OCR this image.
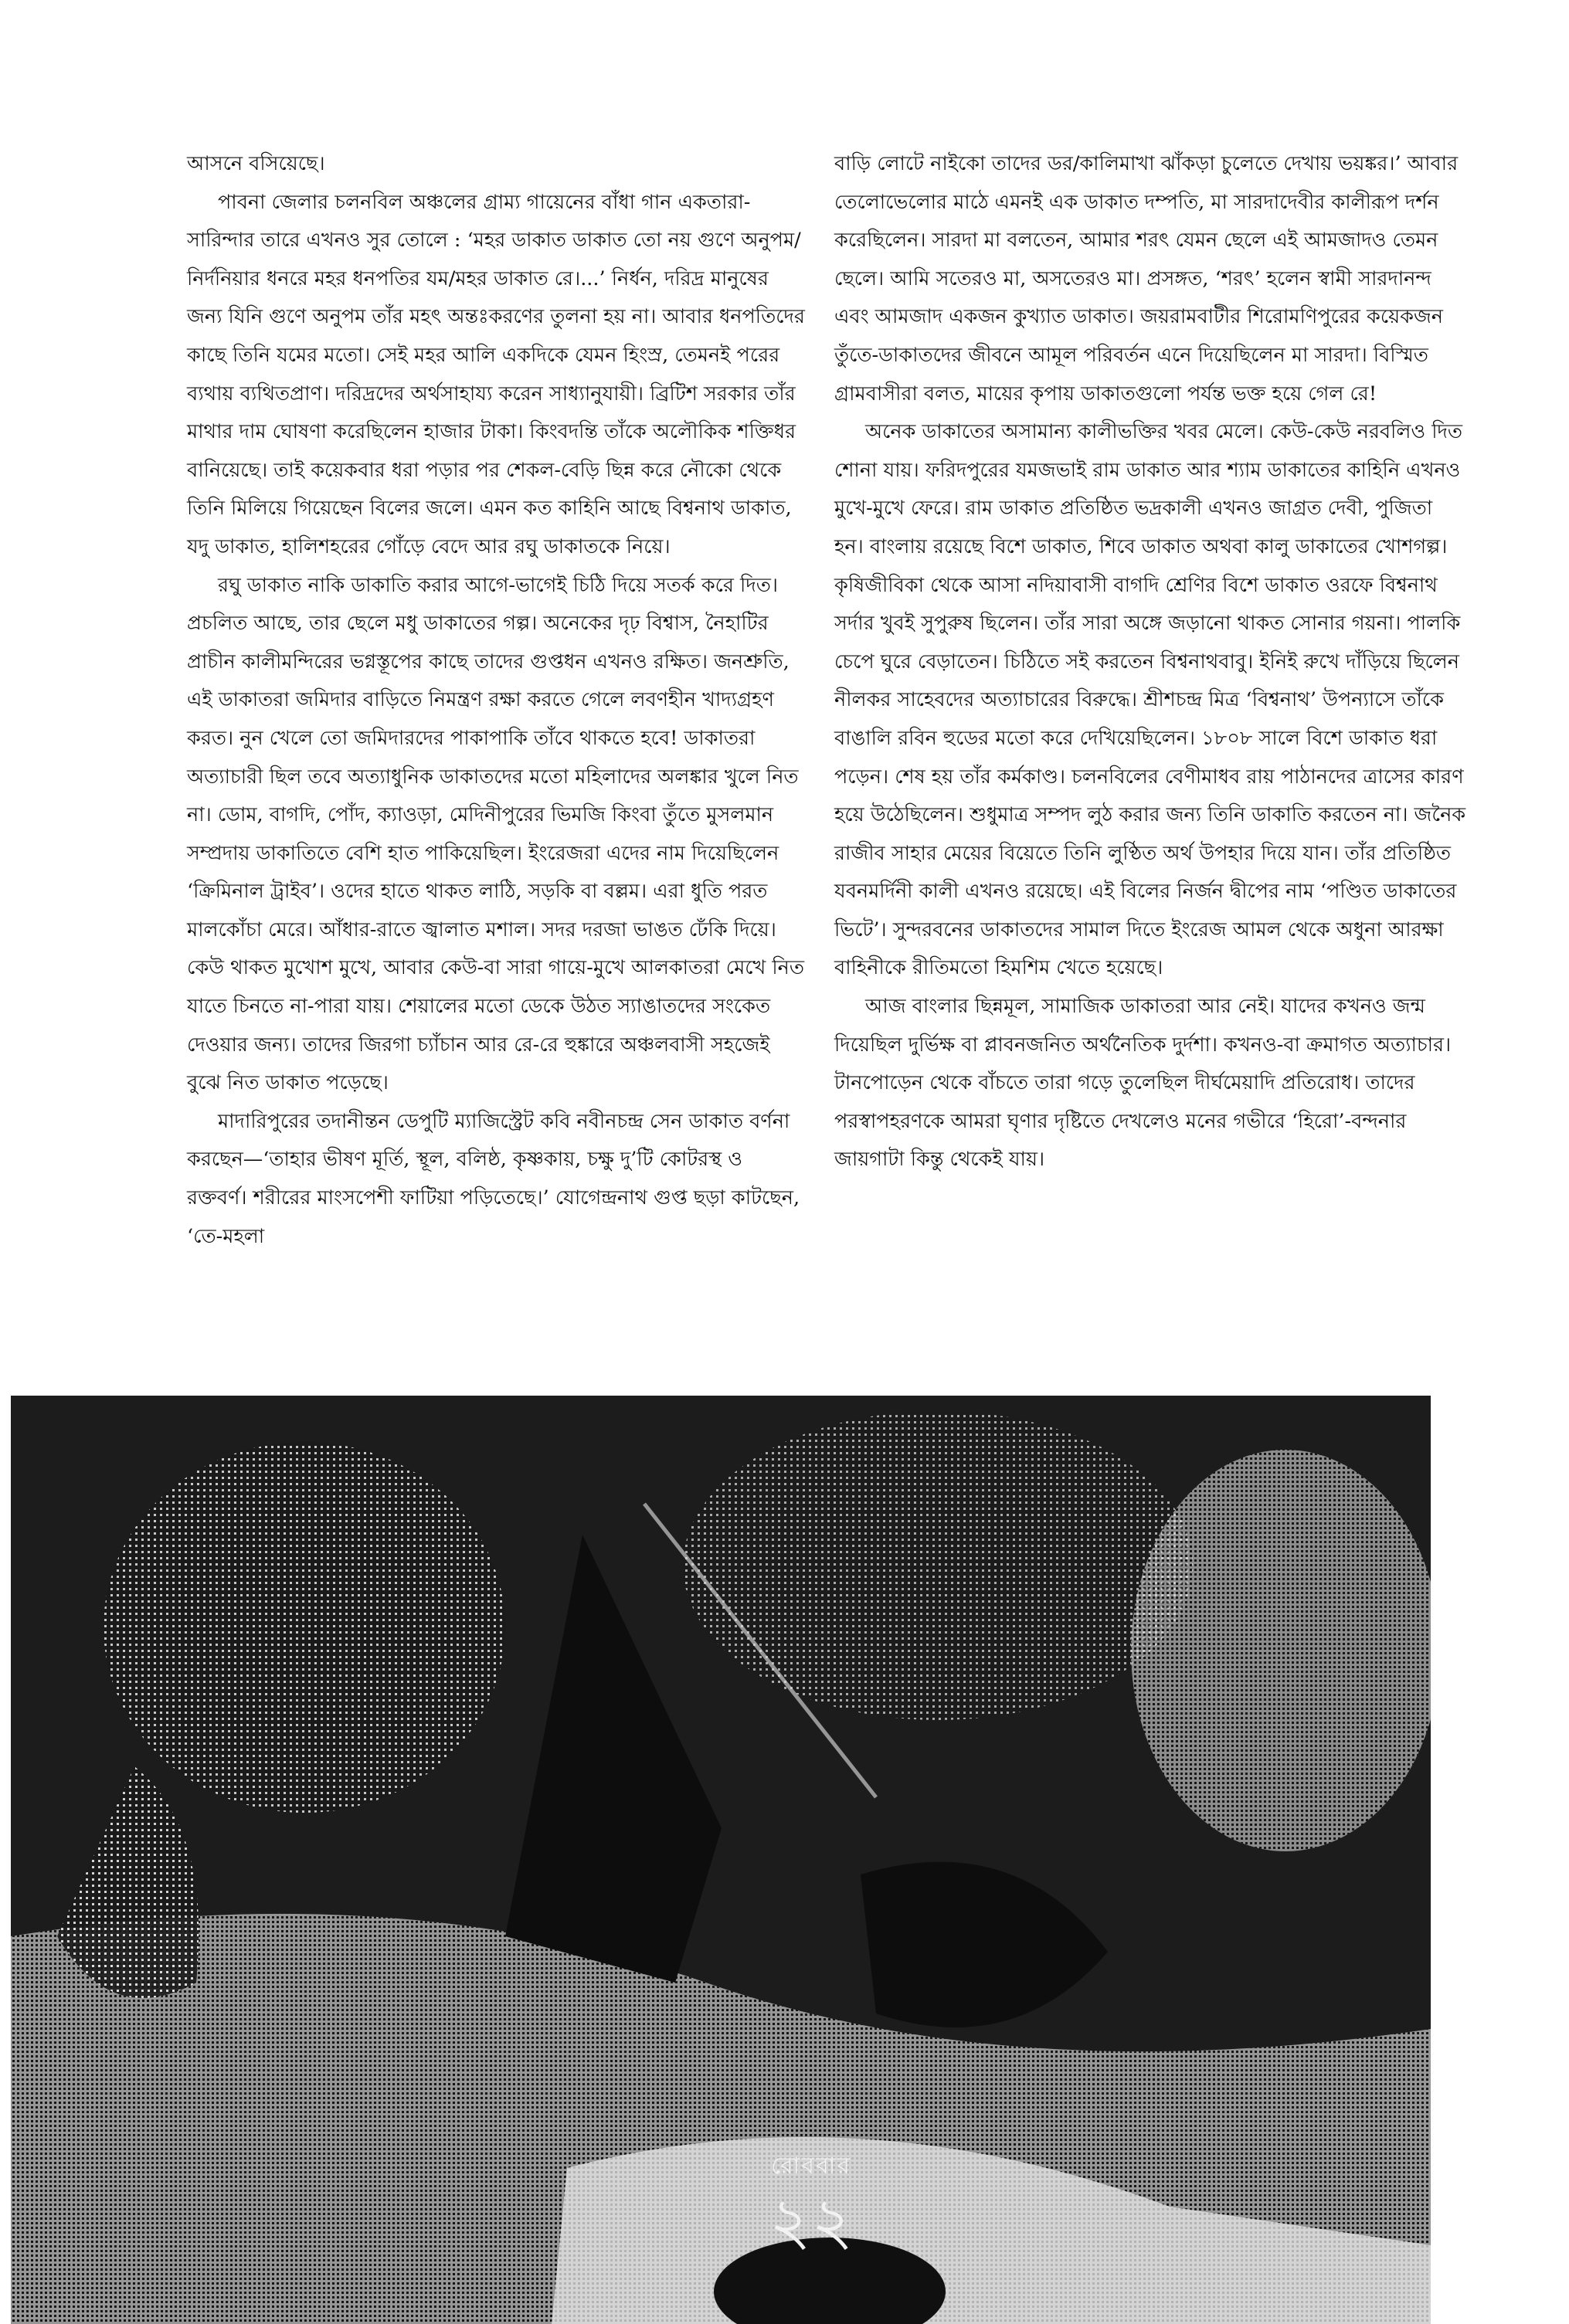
আসনে বসিয়েছে।

পাবনা জেলার চলনবিল অঞ্চলের গ্রাম্য গায়েনের বাঁধা গান একতারা-সারিন্দার তারে এখনও সুর তোলে : ‘মহর ডাকাত ডাকাত তো নয় গুণে অনুপম/নির্দনিয়ার ধনরে মহর ধনপতির যম/মহর ডাকাত রে।...’ নির্ধন, দরিদ্র মানুষের জন্য যিনি গুণে অনুপম তাঁর মহৎ অন্তঃকরণের তুলনা হয় না। আবার ধনপতিদের কাছে তিনি যমের মতো। সেই মহর আলি একদিকে যেমন হিংস্র, তেমনই পরের ব্যথায় ব্যথিতপ্রাণ। দরিদ্রদের অর্থসাহায্য করেন সাধ্যানুযায়ী। ব্রিটিশ সরকার তাঁর মাথার দাম ঘোষণা করেছিলেন হাজার টাকা। কিংবদন্তি তাঁকে অলৌকিক শক্তিধর বানিয়েছে। তাই কয়েকবার ধরা পড়ার পর শেকল-বেড়ি ছিন্ন করে নৌকো থেকে তিনি মিলিয়ে গিয়েছেন বিলের জলে। এমন কত কাহিনি আছে বিশ্বনাথ ডাকাত, যদু ডাকাত, হালিশহরের গোঁড়ে বেদে আর রঘু ডাকাতকে নিয়ে।

রঘু ডাকাত নাকি ডাকাতি করার আগে-ভাগেই চিঠি দিয়ে সতর্ক করে দিত। প্রচলিত আছে, তার ছেলে মধু ডাকাতের গল্প। অনেকের দৃঢ় বিশ্বাস, নৈহাটির প্রাচীন কালীমন্দিরের ভগ্নস্তূপের কাছে তাদের গুপ্তধন এখনও রক্ষিত। জনশ্রুতি, এই ডাকাতরা জমিদার বাড়িতে নিমন্ত্রণ রক্ষা করতে গেলে লবণহীন খাদ্যগ্রহণ করত। নুন খেলে তো জমিদারদের পাকাপাকি তাঁবে থাকতে হবে! ডাকাতরা অত্যাচারী ছিল তবে অত্যাধুনিক ডাকাতদের মতো মহিলাদের অলঙ্কার খুলে নিত না। ডোম, বাগদি, পোঁদ, ক্যাওড়া, মেদিনীপুরের ভিমজি কিংবা তুঁতে মুসলমান সম্প্রদায় ডাকাতিতে বেশি হাত পাকিয়েছিল। ইংরেজরা এদের নাম দিয়েছিলেন ‘ক্রিমিনাল ট্রাইব’। ওদের হাতে থাকত লাঠি, সড়কি বা বল্লম। এরা ধুতি পরত মালকোঁচা মেরে। আঁধার-রাতে জ্বালাত মশাল। সদর দরজা ভাঙত ঢেঁকি দিয়ে। কেউ থাকত মুখোশ মুখে, আবার কেউ-বা সারা গায়ে-মুখে আলকাতরা মেখে নিত যাতে চিনতে না-পারা যায়। শেয়ালের মতো ডেকে উঠত স্যাঙাতদের সংকেত দেওয়ার জন্য। তাদের জিরগা চ্যাঁচান আর রে-রে হুঙ্কারে অঞ্চলবাসী সহজেই বুঝে নিত ডাকাত পড়েছে।

মাদারিপুরের তদানীন্তন ডেপুটি ম্যাজিস্ট্রেট কবি নবীনচন্দ্র সেন ডাকাত বর্ণনা করছেন—‘তাহার ভীষণ মূর্তি, স্থূল, বলিষ্ঠ, কৃষ্ণকায়, চক্ষু দু’টি কোটরস্থ ও রক্তবর্ণ। শরীরের মাংসপেশী ফাটিয়া পড়িতেছে।’ যোগেন্দ্রনাথ গুপ্ত ছড়া কাটছেন, ‘তে-মহলা

বাড়ি লোটে নাইকো তাদের ডর/কালিমাখা ঝাঁকড়া চুলেতে দেখায় ভয়ঙ্কর।’ আবার তেলোভেলোর মাঠে এমনই এক ডাকাত দম্পতি, মা সারদাদেবীর কালীরূপ দর্শন করেছিলেন। সারদা মা বলতেন, আমার শরৎ যেমন ছেলে এই আমজাদও তেমন ছেলে। আমি সতেরও মা, অসতেরও মা। প্রসঙ্গত, ‘শরৎ’ হলেন স্বামী সারদানন্দ এবং আমজাদ একজন কুখ্যাত ডাকাত। জয়রামবাটীর শিরোমণিপুরের কয়েকজন তুঁতে-ডাকাতদের জীবনে আমূল পরিবর্তন এনে দিয়েছিলেন মা সারদা। বিস্মিত গ্রামবাসীরা বলত, মায়ের কৃপায় ডাকাতগুলো পর্যন্ত ভক্ত হয়ে গেল রে!

অনেক ডাকাতের অসামান্য কালীভক্তির খবর মেলে। কেউ-কেউ নরবলিও দিত শোনা যায়। ফরিদপুরের যমজভাই রাম ডাকাত আর শ্যাম ডাকাতের কাহিনি এখনও মুখে-মুখে ফেরে। রাম ডাকাত প্রতিষ্ঠিত ভদ্রকালী এখনও জাগ্রত দেবী, পুজিতা হন। বাংলায় রয়েছে বিশে ডাকাত, শিবে ডাকাত অথবা কালু ডাকাতের খোশগল্প। কৃষিজীবিকা থেকে আসা নদিয়াবাসী বাগদি শ্রেণির বিশে ডাকাত ওরফে বিশ্বনাথ সর্দার খুবই সুপুরুষ ছিলেন। তাঁর সারা অঙ্গে জড়ানো থাকত সোনার গয়না। পালকি চেপে ঘুরে বেড়াতেন। চিঠিতে সই করতেন বিশ্বনাথবাবু। ইনিই রুখে দাঁড়িয়ে ছিলেন নীলকর সাহেবদের অত্যাচারের বিরুদ্ধে। শ্রীশচন্দ্র মিত্র ‘বিশ্বনাথ’ উপন্যাসে তাঁকে বাঙালি রবিন হুডের মতো করে দেখিয়েছিলেন। ১৮০৮ সালে বিশে ডাকাত ধরা পড়েন। শেষ হয় তাঁর কর্মকাণ্ড। চলনবিলের বেণীমাধব রায় পাঠানদের ত্রাসের কারণ হয়ে উঠেছিলেন। শুধুমাত্র সম্পদ লুঠ করার জন্য তিনি ডাকাতি করতেন না। জনৈক রাজীব সাহার মেয়ের বিয়েতে তিনি লুণ্ঠিত অর্থ উপহার দিয়ে যান। তাঁর প্রতিষ্ঠিত যবনমর্দিনী কালী এখনও রয়েছে। এই বিলের নির্জন দ্বীপের নাম ‘পণ্ডিত ডাকাতের ভিটে’। সুন্দরবনের ডাকাতদের সামাল দিতে ইংরেজ আমল থেকে অধুনা আরক্ষা বাহিনীকে রীতিমতো হিমশিম খেতে হয়েছে।

আজ বাংলার ছিন্নমূল, সামাজিক ডাকাতরা আর নেই। যাদের কখনও জন্ম দিয়েছিল দুর্ভিক্ষ বা প্লাবনজনিত অর্থনৈতিক দুর্দশা। কখনও-বা ক্রমাগত অত্যাচার। টানপোড়েন থেকে বাঁচতে তারা গড়ে তুলেছিল দীর্ঘমেয়াদি প্রতিরোধ। তাদের পরস্বাপহরণকে আমরা ঘৃণার দৃষ্টিতে দেখলেও মনের গভীরে ‘হিরো’-বন্দনার জায়গাটা কিন্তু থেকেই যায়।

রোববার
২২
